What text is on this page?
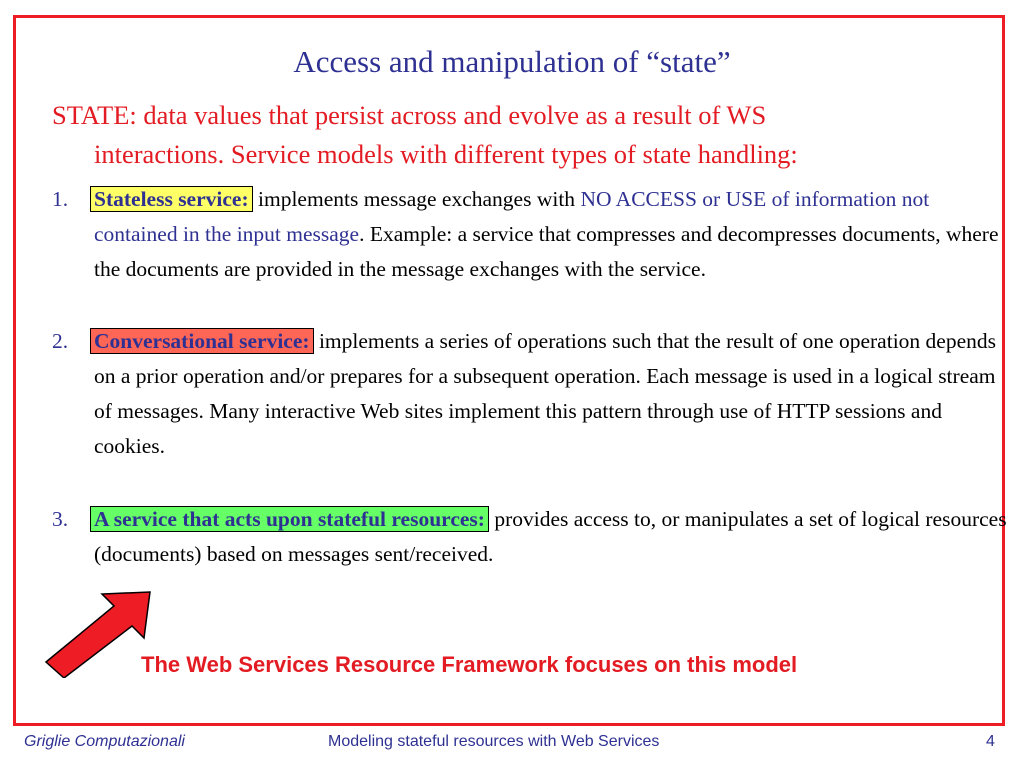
Access and manipulation of “state”
STATE: data values that persist across and evolve as a result of WS
interactions. Service models with different types of state handling:
1. Stateless service: implements message exchanges with NO ACCESS or USE of information not contained in the input message. Example: a service that compresses and decompresses documents, where the documents are provided in the message exchanges with the service.
2. Conversational service: implements a series of operations such that the result of one operation depends on a prior operation and/or prepares for a subsequent operation. Each message is used in a logical stream of messages. Many interactive Web sites implement this pattern through use of HTTP sessions and cookies.
3. A service that acts upon stateful resources: provides access to, or manipulates a set of logical resources (documents) based on messages sent/received.
The Web Services Resource Framework focuses on this model
Griglie Computazionali	Modeling stateful resources with Web Services	4
